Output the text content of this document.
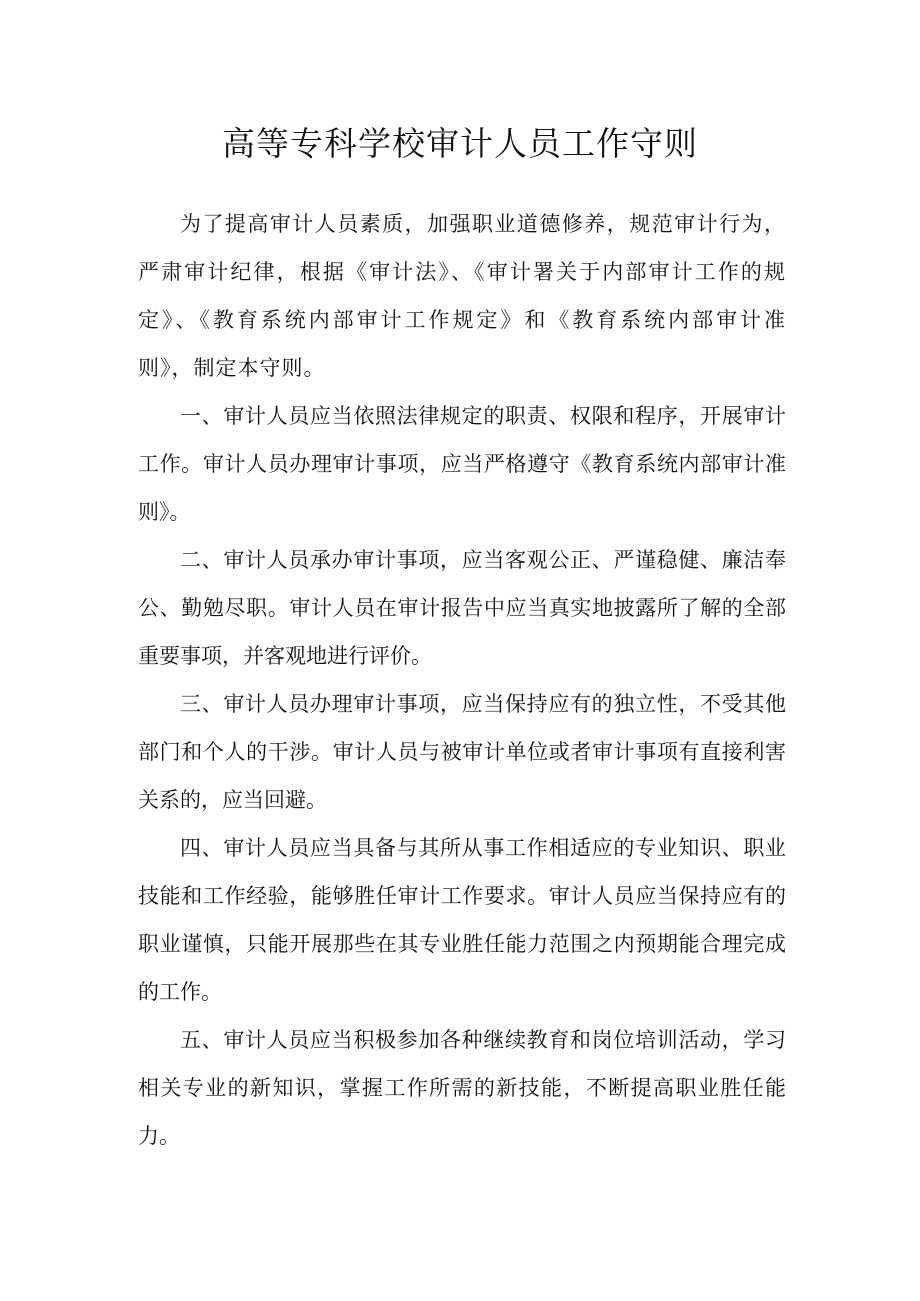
高等专科学校审计人员工作守则

为了提高审计人员素质，加强职业道德修养，规范审计行为，严肃审计纪律，根据《审计法》、《审计署关于内部审计工作的规定》、《教育系统内部审计工作规定》和《教育系统内部审计准则》，制定本守则。

一、审计人员应当依照法律规定的职责、权限和程序，开展审计工作。审计人员办理审计事项，应当严格遵守《教育系统内部审计准则》。

二、审计人员承办审计事项，应当客观公正、严谨稳健、廉洁奉公、勤勉尽职。审计人员在审计报告中应当真实地披露所了解的全部重要事项，并客观地进行评价。

三、审计人员办理审计事项，应当保持应有的独立性，不受其他部门和个人的干涉。审计人员与被审计单位或者审计事项有直接利害关系的，应当回避。

四、审计人员应当具备与其所从事工作相适应的专业知识、职业技能和工作经验，能够胜任审计工作要求。审计人员应当保持应有的职业谨慎，只能开展那些在其专业胜任能力范围之内预期能合理完成的工作。

五、审计人员应当积极参加各种继续教育和岗位培训活动，学习相关专业的新知识，掌握工作所需的新技能，不断提高职业胜任能力。
